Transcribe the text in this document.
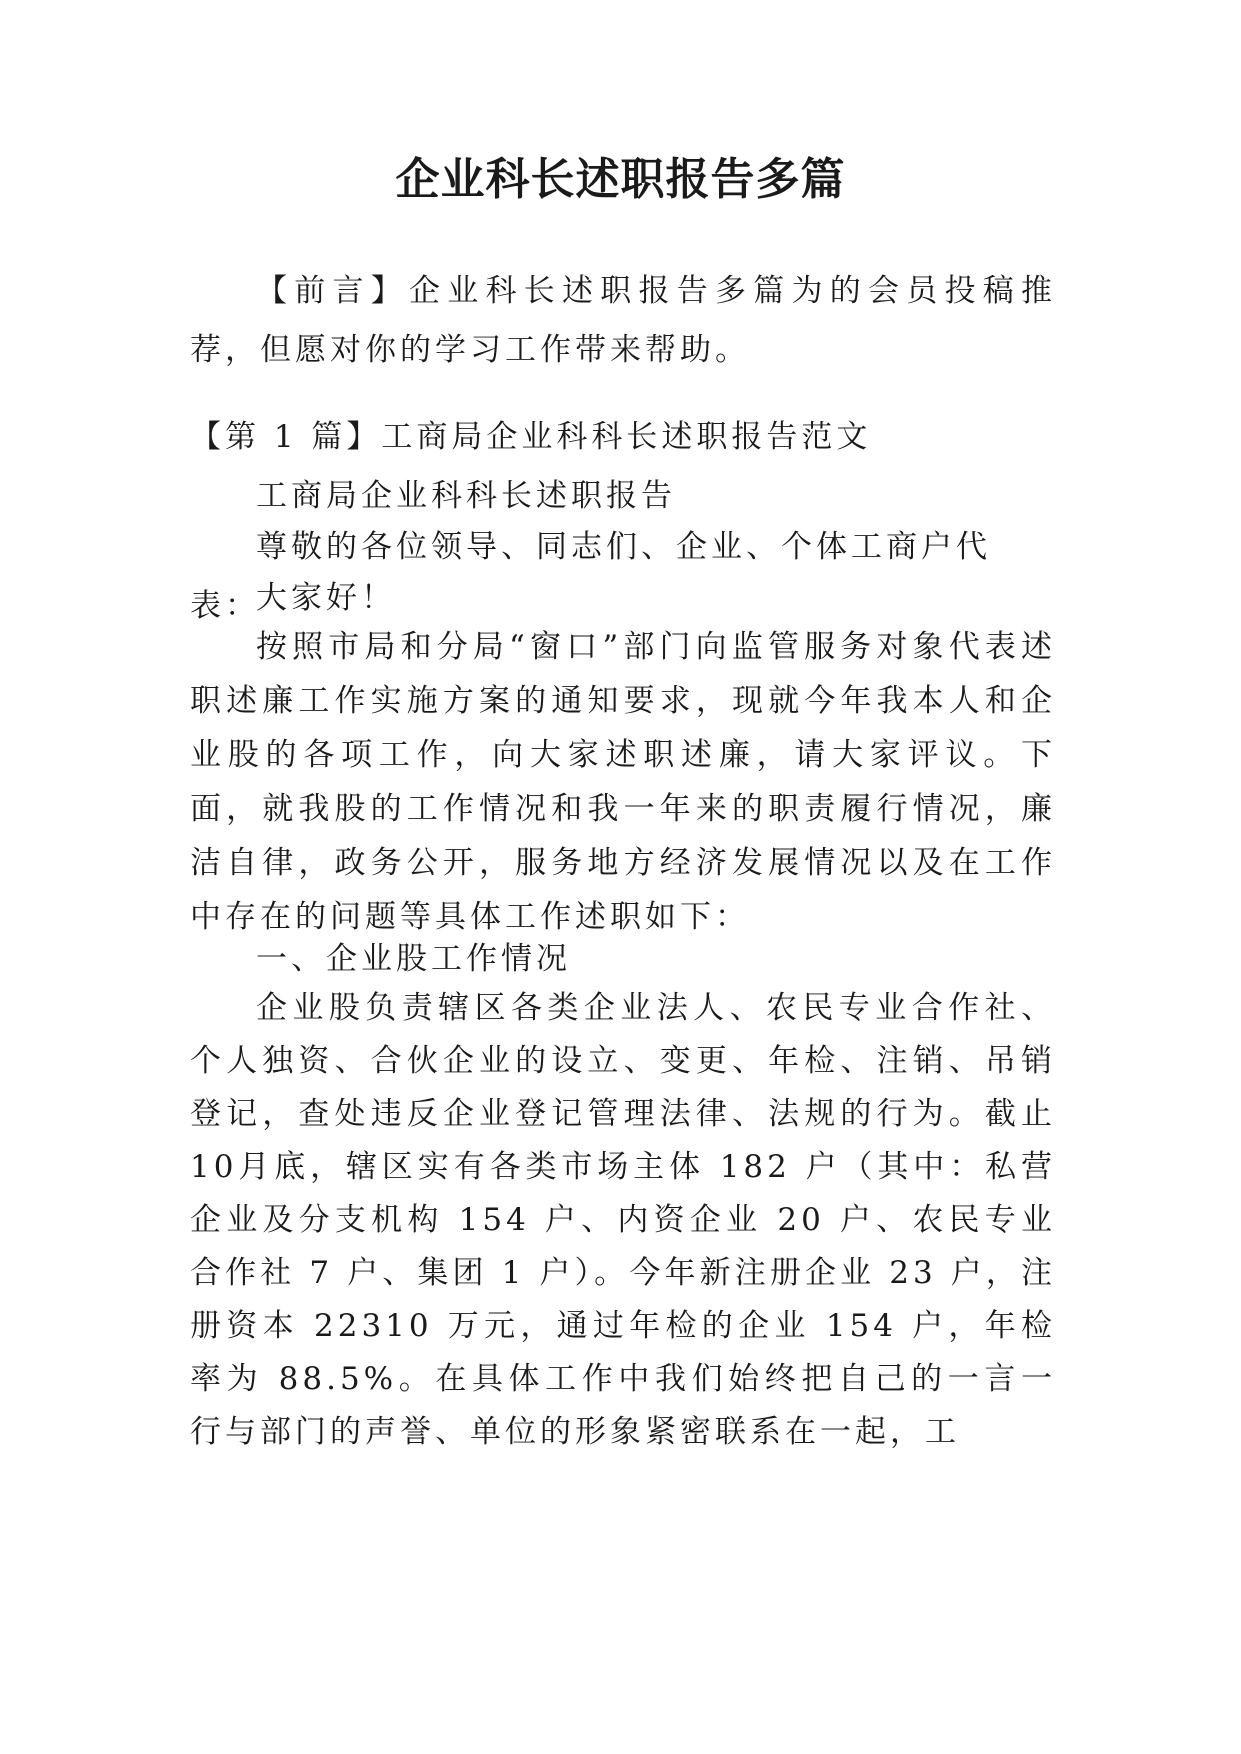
企业科长述职报告多篇

【前言】企业科长述职报告多篇为的会员投稿推荐，但愿对你的学习工作带来帮助。

【第 1 篇】工商局企业科科长述职报告范文

工商局企业科科长述职报告

尊敬的各位领导、同志们、企业、个体工商户代表：

大家好！

按照市局和分局“窗口”部门向监管服务对象代表述职述廉工作实施方案的通知要求，现就今年我本人和企业股的各项工作，向大家述职述廉，请大家评议。下面，就我股的工作情况和我一年来的职责履行情况，廉洁自律，政务公开，服务地方经济发展情况以及在工作中存在的问题等具体工作述职如下：

一、企业股工作情况

企业股负责辖区各类企业法人、农民专业合作社、个人独资、合伙企业的设立、变更、年检、注销、吊销登记，查处违反企业登记管理法律、法规的行为。截止 10月底，辖区实有各类市场主体 182 户（其中：私营企业及分支机构 154 户、内资企业 20 户、农民专业合作社 7 户、集团 1 户）。今年新注册企业 23 户，注册资本 22310 万元，通过年检的企业 154 户，年检率为 88.5%。在具体工作中我们始终把自己的一言一行与部门的声誉、单位的形象紧密联系在一起，工
